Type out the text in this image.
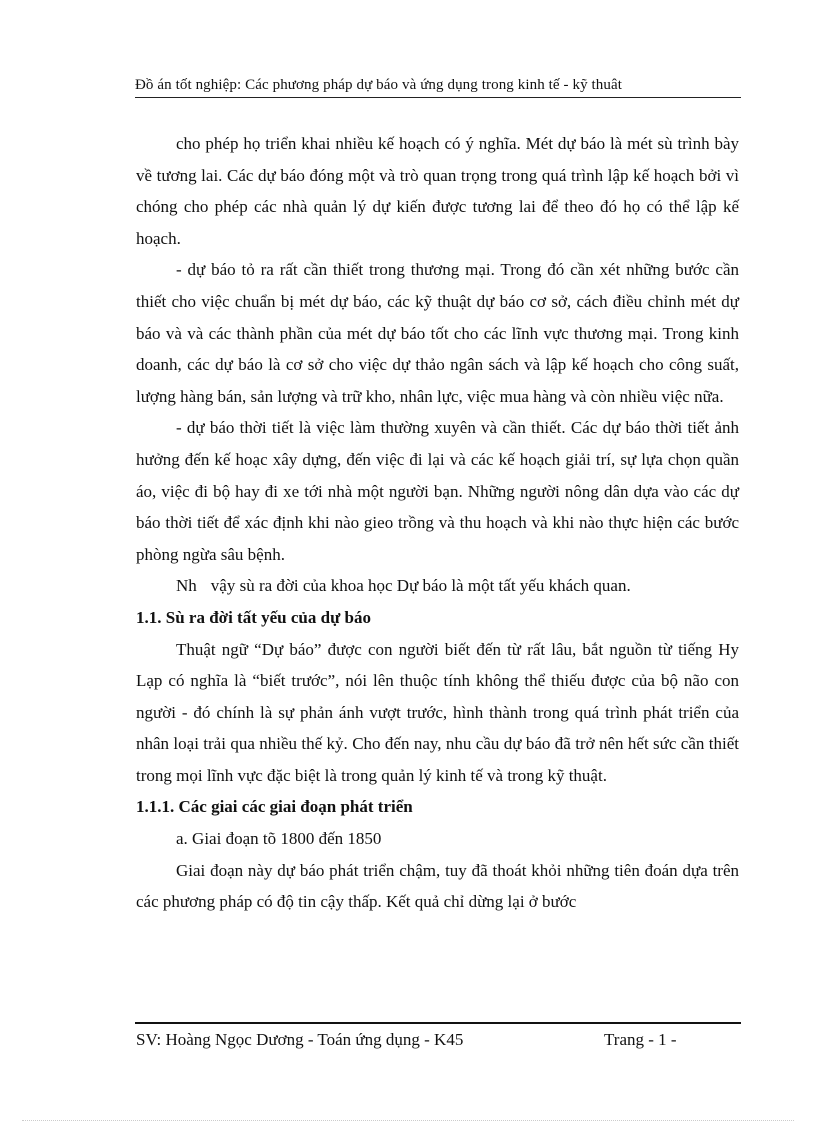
Đồ án tốt nghiệp: Các phương pháp dự báo và ứng dụng trong kinh tế - kỹ thuât

cho phép họ triển khai nhiều kế hoạch có ý nghĩa. Mét dự báo là mét sù trình bày về tương lai. Các dự báo đóng một và trò quan trọng trong quá trình lập kế hoạch bởi vì chóng cho phép các nhà quản lý dự kiến được tương lai để theo đó họ có thể lập kế hoạch.

- dự báo tỏ ra rất cần thiết trong thương mại. Trong đó cần xét những bước cần thiết cho việc chuẩn bị mét dự báo, các kỹ thuật dự báo cơ sở, cách điều chỉnh mét dự báo và và các thành phần của mét dự báo tốt cho các lĩnh vực thương mại. Trong kinh doanh, các dự báo là cơ sở cho việc dự thảo ngân sách và lập kế hoạch cho công suất, lượng hàng bán, sản lượng và trữ kho, nhân lực, việc mua hàng và còn nhiều việc nữa.

- dự báo thời tiết là việc làm thường xuyên và cần thiết. Các dự báo thời tiết ảnh hưởng đến kế hoạc xây dựng, đến việc đi lại và các kế hoạch giải trí, sự lựa chọn quần áo, việc đi bộ hay đi xe tới nhà một người bạn. Những người nông dân dựa vào các dự báo thời tiết để xác định khi nào gieo trồng và thu hoạch và khi nào thực hiện các bước phòng ngừa sâu bệnh.

Nh vậy sù ra đời của khoa học Dự báo là một tất yếu khách quan.

1.1. Sù ra đời tất yếu của dự báo

Thuật ngữ “Dự báo” được con người biết đến từ rất lâu, bắt nguồn từ tiếng Hy Lạp có nghĩa là “biết trước”, nói lên thuộc tính không thể thiếu được của bộ não con người - đó chính là sự phản ánh vượt trước, hình thành trong quá trình phát triển của nhân loại trải qua nhiều thế kỷ. Cho đến nay, nhu cầu dự báo đã trở nên hết sức cần thiết trong mọi lĩnh vực đặc biệt là trong quản lý kinh tế và trong kỹ thuật.

1.1.1. Các giai các giai đoạn phát triển

a. Giai đoạn tõ 1800 đến 1850

Giai đoạn này dự báo phát triển chậm, tuy đã thoát khỏi những tiên đoán dựa trên các phương pháp có độ tin cậy thấp. Kết quả chỉ dừng lại ở bước

SV: Hoàng Ngọc Dương - Toán ứng dụng - K45	Trang - 1 -
